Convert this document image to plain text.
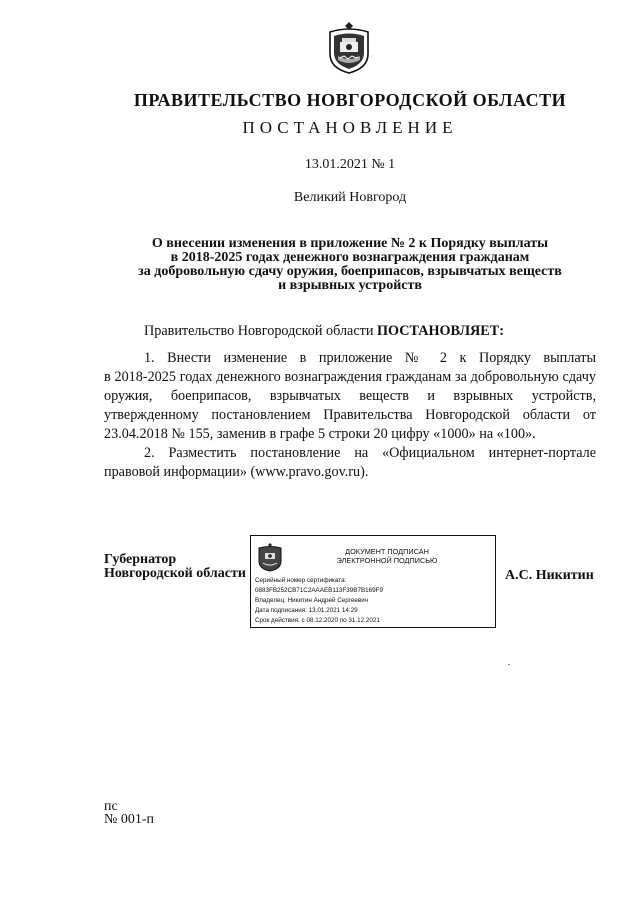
ПРАВИТЕЛЬСТВО НОВГОРОДСКОЙ ОБЛАСТИ
ПОСТАНОВЛЕНИЕ
13.01.2021 № 1
Великий Новгород
О внесении изменения в приложение № 2 к Порядку выплаты
в 2018-2025 годах денежного вознаграждения гражданам
за добровольную сдачу оружия, боеприпасов, взрывчатых веществ
и взрывных устройств
Правительство Новгородской области ПОСТАНОВЛЯЕТ:
1. Внести изменение в приложение № 2 к Порядку выплаты
в 2018-2025 годах денежного вознаграждения гражданам за добровольную сдачу оружия, боеприпасов, взрывчатых веществ и взрывных устройств, утвержденному постановлением Правительства Новгородской области от 23.04.2018 № 155, заменив в графе 5 строки 20 цифру «1000» на «100».
2. Разместить постановление на «Официальном интернет-портале правовой информации» (www.pravo.gov.ru).
Губернатор
Новгородской области
ДОКУМЕНТ ПОДПИСАН
ЭЛЕКТРОННОЙ ПОДПИСЬЮ
Серийный номер сертификата:
0883FB252CB71C2AAAEB113F39B7B169F9
Владелец: Никитин Андрей Сергеевич
Дата подписания: 13.01.2021 14:29
Срок действия: с 08.12.2020 по 31.12.2021
А.С. Никитин
пс
№ 001-п
